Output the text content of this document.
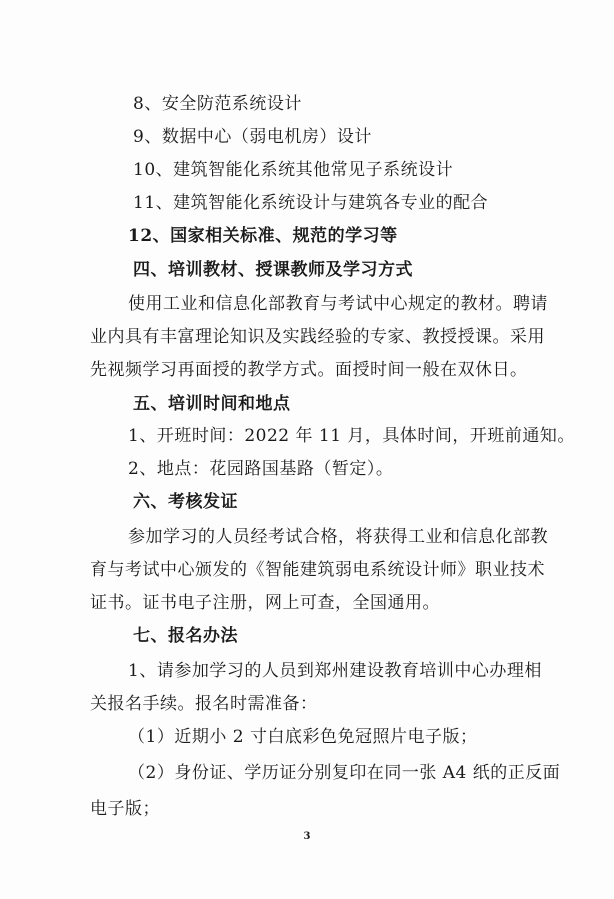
8、安全防范系统设计
9、数据中心（弱电机房）设计
10、建筑智能化系统其他常见子系统设计
11、建筑智能化系统设计与建筑各专业的配合
12、国家相关标准、规范的学习等
四、培训教材、授课教师及学习方式
使用工业和信息化部教育与考试中心规定的教材。聘请
业内具有丰富理论知识及实践经验的专家、教授授课。采用
先视频学习再面授的教学方式。面授时间一般在双休日。
五、培训时间和地点
1、开班时间：2022 年 11 月，具体时间，开班前通知。
2、地点：花园路国基路（暂定）。
六、考核发证
参加学习的人员经考试合格，将获得工业和信息化部教
育与考试中心颁发的《智能建筑弱电系统设计师》职业技术
证书。证书电子注册，网上可查，全国通用。
七、报名办法
1、请参加学习的人员到郑州建设教育培训中心办理相
关报名手续。报名时需准备：
（1）近期小 2 寸白底彩色免冠照片电子版；
（2）身份证、学历证分别复印在同一张 A4 纸的正反面
电子版；
3
